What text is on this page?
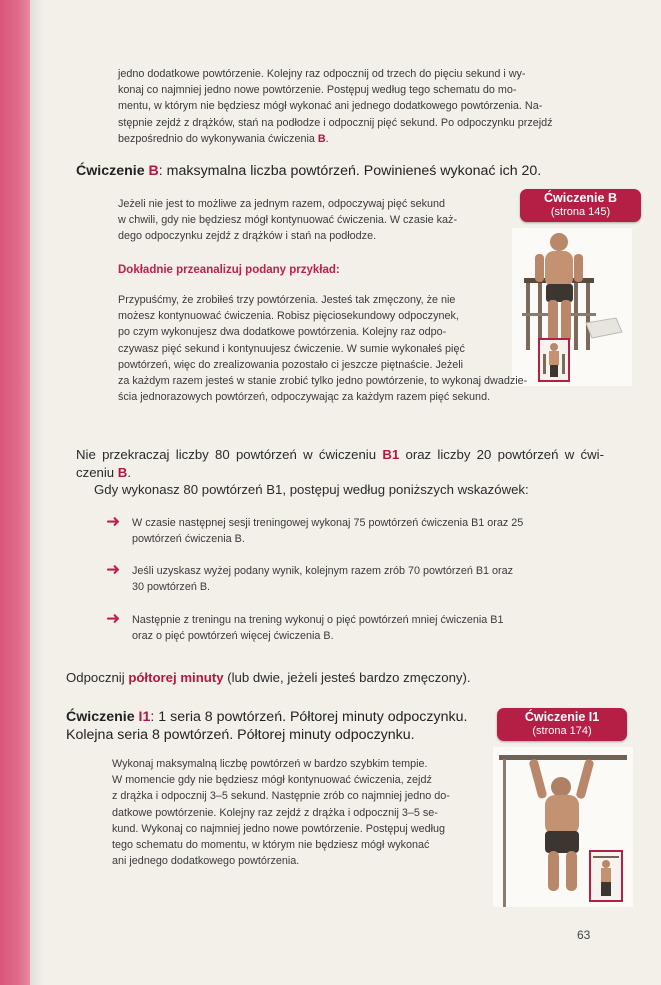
jedno dodatkowe powtórzenie. Kolejny raz odpocznij od trzech do pięciu sekund i wy-

konaj co najmniej jedno nowe powtórzenie. Postępuj według tego schematu do mo-

mentu, w którym nie będziesz mógł wykonać ani jednego dodatkowego powtórzenia. Na-

stępnie zejdź z drążków, stań na podłodze i odpocznij pięć sekund. Po odpoczynku przejdź

bezpośrednio do wykonywania ćwiczenia B.

Ćwiczenie B: maksymalna liczba powtórzeń. Powinieneś wykonać ich 20.
Ćwiczenie B
(strona 145)

Jeżeli nie jest to możliwe za jednym razem, odpoczywaj pięć sekund

w chwili, gdy nie będziesz mógł kontynuować ćwiczenia. W czasie każ-

dego odpoczynku zejdź z drążków i stań na podłodze.

Dokładnie przeanalizuj podany przykład:

Przypuśćmy, że zrobiłeś trzy powtórzenia. Jesteś tak zmęczony, że nie

możesz kontynuować ćwiczenia. Robisz pięciosekundowy odpoczynek,

po czym wykonujesz dwa dodatkowe powtórzenia. Kolejny raz odpo-

czywasz pięć sekund i kontynuujesz ćwiczenie. W sumie wykonałeś pięć

powtórzeń, więc do zrealizowania pozostało ci jeszcze piętnaście. Jeżeli

za każdym razem jesteś w stanie zrobić tylko jedno powtórzenie, to wykonaj dwadzie-

ścia jednorazowych powtórzeń, odpoczywając za każdym razem pięć sekund.

Nie przekraczaj liczby 80 powtórzeń w ćwiczeniu B1 oraz liczby 20 powtórzeń w ćwi-
czeniu B.
Gdy wykonasz 80 powtórzeń B1, postępuj według poniższych wskazówek:
➜ W czasie następnej sesji treningowej wykonaj 75 powtórzeń ćwiczenia B1 oraz 25
powtórzeń ćwiczenia B.
➜ Jeśli uzyskasz wyżej podany wynik, kolejnym razem zrób 70 powtórzeń B1 oraz
30 powtórzeń B.
➜ Następnie z treningu na trening wykonuj o pięć powtórzeń mniej ćwiczenia B1
oraz o pięć powtórzeń więcej ćwiczenia B.
Odpocznij półtorej minuty (lub dwie, jeżeli jesteś bardzo zmęczony).
Ćwiczenie I1: 1 seria 8 powtórzeń. Półtorej minuty odpoczynku.
Kolejna seria 8 powtórzeń. Półtorej minuty odpoczynku.
Ćwiczenie I1
(strona 174)

Wykonaj maksymalną liczbę powtórzeń w bardzo szybkim tempie.

W momencie gdy nie będziesz mógł kontynuować ćwiczenia, zejdź

z drążka i odpocznij 3–5 sekund. Następnie zrób co najmniej jedno do-

datkowe powtórzenie. Kolejny raz zejdź z drążka i odpocznij 3–5 se-

kund. Wykonaj co najmniej jedno nowe powtórzenie. Postępuj według

tego schematu do momentu, w którym nie będziesz mógł wykonać

ani jednego dodatkowego powtórzenia.

63
